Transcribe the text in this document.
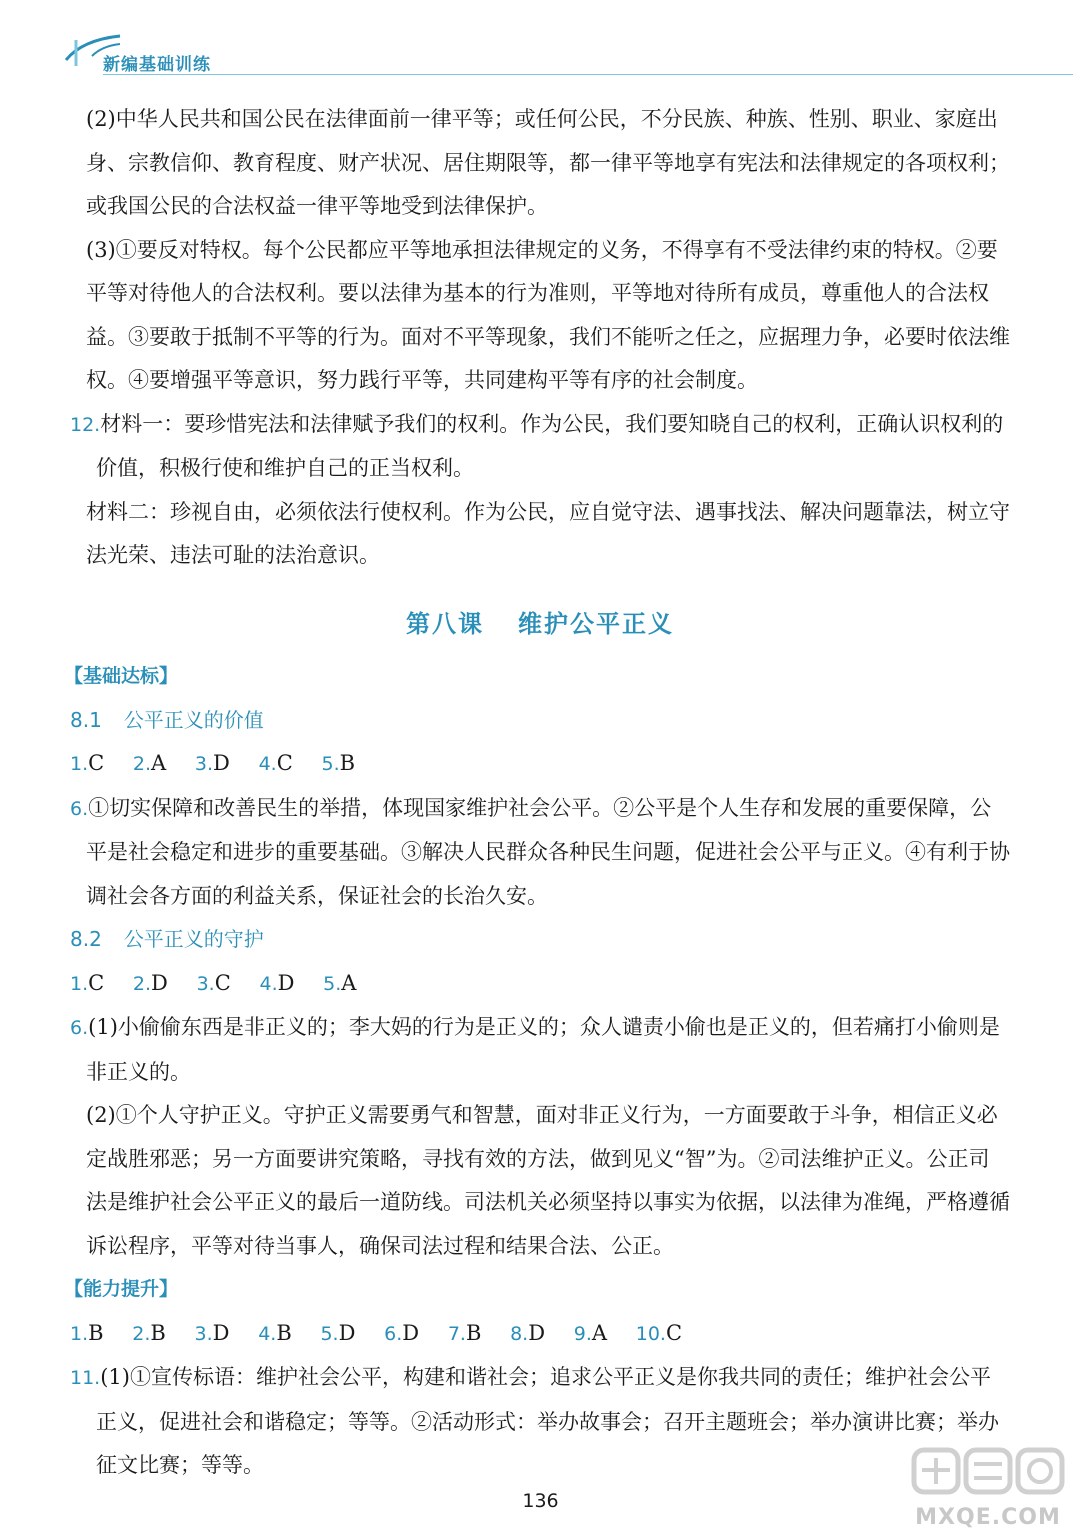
新编基础训练

(2)中华人民共和国公民在法律面前一律平等；或任何公民，不分民族、种族、性别、职业、家庭出身、宗教信仰、教育程度、财产状况、居住期限等，都一律平等地享有宪法和法律规定的各项权利；或我国公民的合法权益一律平等地受到法律保护。

(3)①要反对特权。每个公民都应平等地承担法律规定的义务，不得享有不受法律约束的特权。②要平等对待他人的合法权利。要以法律为基本的行为准则，平等地对待所有成员，尊重他人的合法权益。③要敢于抵制不平等的行为。面对不平等现象，我们不能听之任之，应据理力争，必要时依法维权。④要增强平等意识，努力践行平等，共同建构平等有序的社会制度。

12.材料一：要珍惜宪法和法律赋予我们的权利。作为公民，我们要知晓自己的权利，正确认识权利的价值，积极行使和维护自己的正当权利。

材料二：珍视自由，必须依法行使权利。作为公民，应自觉守法、遇事找法、解决问题靠法，树立守法光荣、违法可耻的法治意识。

第八课 维护公平正义
【基础达标】
8.1 公平正义的价值
1.C 2.A 3.D 4.C 5.B
6.①切实保障和改善民生的举措，体现国家维护社会公平。②公平是个人生存和发展的重要保障，公平是社会稳定和进步的重要基础。③解决人民群众各种民生问题，促进社会公平与正义。④有利于协调社会各方面的利益关系，保证社会的长治久安。
8.2 公平正义的守护
1.C 2.D 3.C 4.D 5.A
6.(1)小偷偷东西是非正义的；李大妈的行为是正义的；众人谴责小偷也是正义的，但若痛打小偷则是非正义的。

(2)①个人守护正义。守护正义需要勇气和智慧，面对非正义行为，一方面要敢于斗争，相信正义必定战胜邪恶；另一方面要讲究策略，寻找有效的方法，做到见义“智”为。②司法维护正义。公正司法是维护社会公平正义的最后一道防线。司法机关必须坚持以事实为依据，以法律为准绳，严格遵循诉讼程序，平等对待当事人，确保司法过程和结果合法、公正。

【能力提升】
1.B 2.B 3.D 4.B 5.D 6.D 7.B 8.D 9.A 10.C
11.(1)①宣传标语：维护社会公平，构建和谐社会；追求公平正义是你我共同的责任；维护社会公平正义，促进社会和谐稳定；等等。②活动形式：举办故事会；召开主题班会；举办演讲比赛；举办征文比赛；等等。
136
MXQE.COM
